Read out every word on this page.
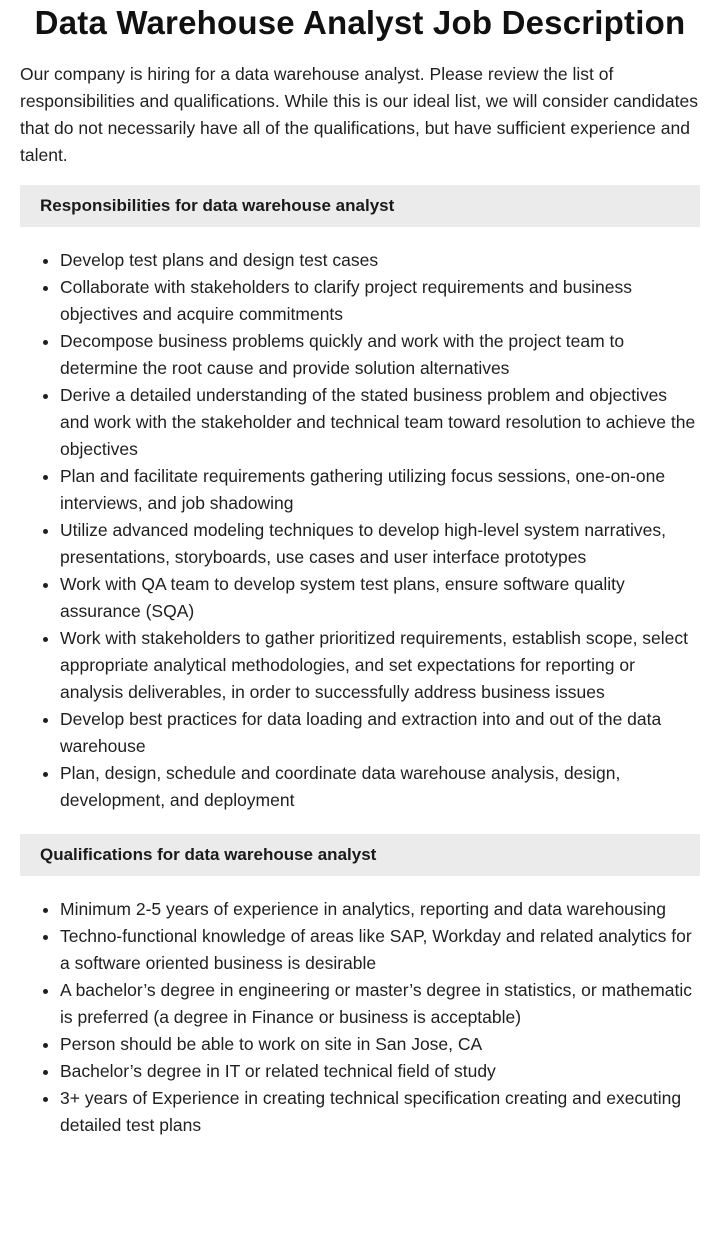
Data Warehouse Analyst Job Description

Our company is hiring for a data warehouse analyst. Please review the list of responsibilities and qualifications. While this is our ideal list, we will consider candidates that do not necessarily have all of the qualifications, but have sufficient experience and talent.

Responsibilities for data warehouse analyst
• Develop test plans and design test cases
• Collaborate with stakeholders to clarify project requirements and business objectives and acquire commitments
• Decompose business problems quickly and work with the project team to determine the root cause and provide solution alternatives
• Derive a detailed understanding of the stated business problem and objectives and work with the stakeholder and technical team toward resolution to achieve the objectives
• Plan and facilitate requirements gathering utilizing focus sessions, one-on-one interviews, and job shadowing
• Utilize advanced modeling techniques to develop high-level system narratives, presentations, storyboards, use cases and user interface prototypes
• Work with QA team to develop system test plans, ensure software quality assurance (SQA)
• Work with stakeholders to gather prioritized requirements, establish scope, select appropriate analytical methodologies, and set expectations for reporting or analysis deliverables, in order to successfully address business issues
• Develop best practices for data loading and extraction into and out of the data warehouse
• Plan, design, schedule and coordinate data warehouse analysis, design, development, and deployment
Qualifications for data warehouse analyst
• Minimum 2-5 years of experience in analytics, reporting and data warehousing
• Techno-functional knowledge of areas like SAP, Workday and related analytics for a software oriented business is desirable
• A bachelor’s degree in engineering or master’s degree in statistics, or mathematic is preferred (a degree in Finance or business is acceptable)
• Person should be able to work on site in San Jose, CA
• Bachelor’s degree in IT or related technical field of study
• 3+ years of Experience in creating technical specification creating and executing detailed test plans
